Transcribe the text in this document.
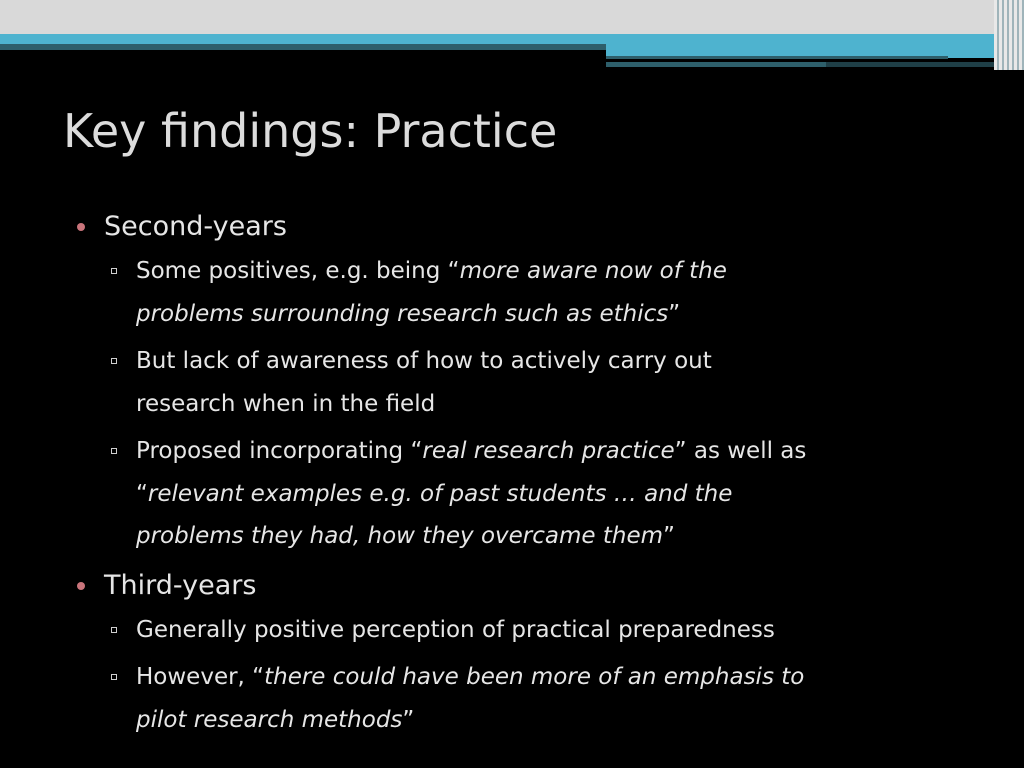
Key findings: Practice
Second-years
Some positives, e.g. being “more aware now of the
problems surrounding research such as ethics”
But lack of awareness of how to actively carry out
research when in the field
Proposed incorporating “real research practice” as well as
“relevant examples e.g. of past students … and the
problems they had, how they overcame them”
Third-years
Generally positive perception of practical preparedness
However, “there could have been more of an emphasis to
pilot research methods”
